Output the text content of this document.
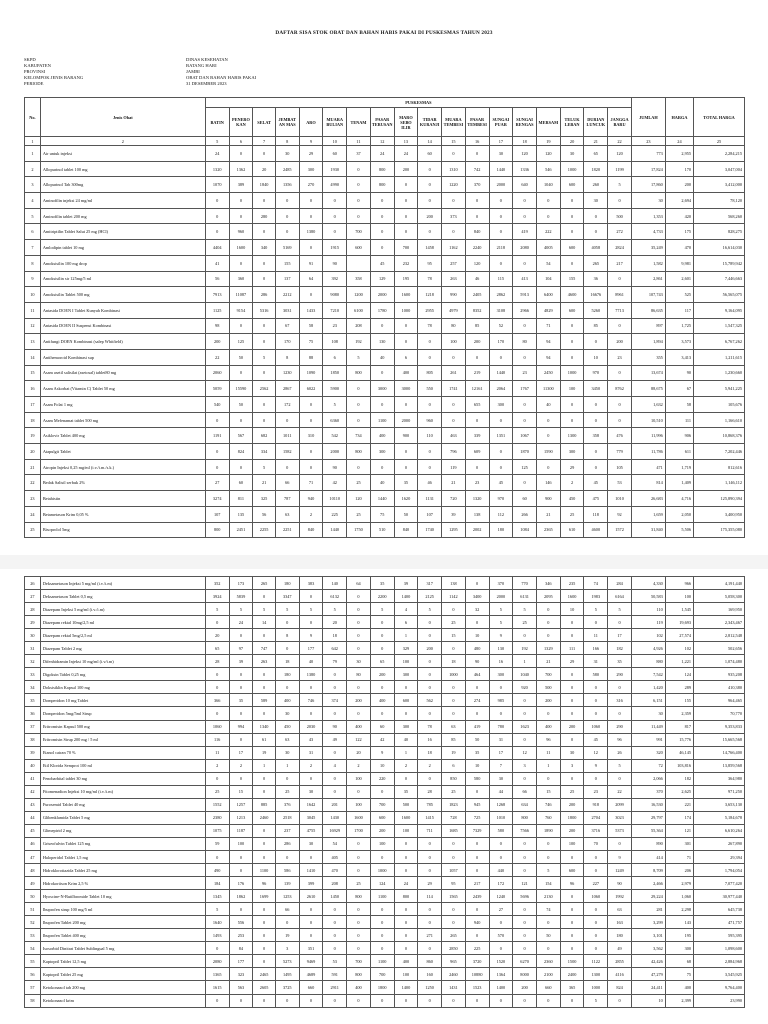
DAFTAR SISA STOK OBAT DAN BAHAN HABIS PAKAI DI PUSKESMAS TAHUN 2023
SKPD
KABUPATEN
PROVINSI
KELOMPOK JENIS BARANG
PERIODE
DINAS KESEHATAN
BATANG HARI
JAMBI
OBAT DAN BAHAN HABIS PAKAI
31 DESEMBER 2023
No.	Jenis Obat	PUSKESMAS																		JUMLAH	HARGA	TOTAL HARGA
		BATIN	PENERO KAN	SELAT	JEMBAT AN MAS	ARO	MUARA BULIAN	TENAM	PASAR TERUSAN	MARO SEBO ILIR	TIDAR KURANJI	MUARA TEMBESI	PASAR TEMBESI	SUNGAI PUAR	SUNGAI RENGAS	MERSAM	TELUK LEBAN	DURIAN LUNCUK	JANGGA BARU			
1	2	5	6	7	8	9	10	11	12	13	14	15	16	17	18	19	20	21	22	23	24	25
1	Air untuk injeksi	24	0	0	30	29	60	37	24	24	60	0	0	30	120	120	30	65	120	773	2,955	2,284,215
2	Allopurinol tablet 100 mg	1320	1362	20	2485	300	1930	0	800	200	0	1310	742	1440	1336	546	1000	1820	1199	17,824	170	3,047,004
3	Allopurinol Tab 300mg	1070	389	1840	1356	270	4990	0	800	0	0	1220	370	2000	640	1040	600	260	5	17,860	200	3,412,000
4	Aminofilin injeksi 24 mg/ml	0	0	0	0	0	0	0	0	0	0	0	0	0	0	0	0	30	0	30	2,694	78,120
5	Aminofilin tablet 200 mg	0	0	280	0	0	0	0	0	0	200	373	0	0	0	0	0	0	500	1,353	420	568,260
6	Amitriptilin Tablet Salut 25 mg (HCl)	0	960	0	0	1380	0	700	0	0	0	0	840	0	419	222	0	0	272	4,733	175	828,275
7	Amlodipin tablet 10 mg	4404	1600	340	5169	0	1915	600	0	700	1458	1162	2240	2118	2080	4005	600	4058	2824	35,249	470	16,614,030
8	Amoksisilin 100 mg drop	41	0	0	155	91	90		45	232	95	257	120	0	0	54	0	265	217	1,582	9,981	15,789,942
9	Amoksisilin sir 125mg/5 ml	56	360	0	137	64	392	358	129	195	78	263	46	115	413	104	155	36	0	2,861	2,601	7,446,663
10	Amoksisilin Tablet 500 mg	7913	11087	286	2212	0	9080	1200	2000	1600	1218	990	2405	2862	5913	6400	4600	16676	8961	107,743	525	56,565,075
11	Antasida DOEN I Tablet Kunyah Kombinasi	1125	9154	5316	3031	1433	7210	6100	1780	1000	2955	4979	8352	3108	2966	4829	600	5260	7713	86,635	117	9,164,095
12	Antasida DOEN II Suspensi Kombinasi	98	0	0	67	58	23	208	0	0	78	80	85	52	0	71	0	85	0	897	1,725	1,547,325
13	Antifungi DOEN Kombinasi (salep Whitfield)	200	125	0	170	75	108	192	130	0	0	100	200	170	80	94	0	0	200	1,894	3,573	6,767,262
14	Antihemoroid Kombinasi sup	22	50	5	8	88	6	5	40	6	0	0	0	0	0	94	0	10	23	355	3,413	1,211,615
15	Asam asetil salisilat (asetosal) tablet80 mg	2060	0	0	1230	1090	1850	800	0	400	805	261	219	1440	23	2450	1000	970	0	13,674	90	1,230,660
16	Asam Askorbat (Vitamin C) Tablet 50 mg	5059	15590	2562	2867	6022	5900	0	3000	3000	550	1741	12161	2064	1767	11300	100	3450	8762	88,675	67	5,941,225
17	Asam Folat 1 mg	540	50	0	172	0	5	0	0	0	0	0	655	300	0	40	0	0	0	1,632	58	105,676
18	Asam Mefenamat tablet 500 mg	0	0	0	0	0	6360	0	1100	2000	960	0	0	0	0	0	0	0	0	10,510	111	1,166,610
19	Asiklovir Tablet 400 mg	1191	567	682	1011	310	542	734	400	900	110	463	339	1351	1067	0	1300	358	476	11,996	906	10,868,376
20	Atapulgit Tablet	0	824	334	1582	0	2000	800	300	0	0	796	609	0	1870	1590	300	0	779	11,786	611	7,202,446
21	Atropin Injeksi 0,25 mg/ml (i.v./i.m./s.k.)	0	0	5	0	0	90	0	0	0	0	119	0	0	125	0	29	0	105	471	1,719	812,616
22	Bedak Salisil serbuk 2%	27	60	21	66	71	42	25	40	35	46	21	23	45	0	146	2	45	53	814	1,409	1,146,112
23	Betahistin	3274	811	325	787	940	10110	120	1440	1620	1131	720	1320	970	60	900	450	475	1010	26,683	4,716	125,890,394
24	Betametason Krim 0,05 %	107	135	56	63	2	225	25	75	50	107	39	138	112	266	21	25	118	92	1,659	2,050	3,400,950
25	Bisoprolol 5mg	800	2451	2255	2251	840	1440	1750	510	840	1740	1295	2002	180	1084	2365	610	4600	1572	31,840	5,506	175,355,080
26	Deksametason Injeksi 5 mg/ml (i.v./i.m)	352	173	265	180	383	140	64	35	39	317	138	0	370	770	346	235	74	284	4,330	966	4,191,440
27	Deksametason Tablet 0,5 mg	3924	5839	0	3347	0	6132	0	2200	1400	2125	1142	3400	2000	6131	2095	1600	1983	6164	50,583	100	5,058,300
28	Diazepam Injeksi 5 mg/ml (i.v./i.m)	5	5	5	5	5	5	0	5	4	5	0	32	5	5	0	10	5	5	110	1,545	169,950
29	Diazepam rektal 10mg/2,5 ml	0	24	14	0	0	20	0	0	6	0	25	0	5	25	0	0	0	0	119	19,693	2,343,467
30	Diazepam rektal 5mg/2,5 ml	20	0	0	8	9	18	0	0	1	0	15	10	9	0	0	0	11	17	102	27,574	2,812,548
31	Diazepam Tablet 2 mg	65	97	747	0	177	642	0	0	329	200	0	480	130	192	1329	111	166	182	4,926	102	502,656
32	Difenhidramin Injeksi 10 mg/ml (i.v/i.m)	28	39	263	18	40	79	30	65	100	0	18	90	16	1	21	29	31	35	880	1,221	1,074,480
33	Digoksin Tablet 0,25 mg	0	0	0	180	1380	0	80	200	300	0	1000	464	300	1040	700	0	580	290	7,542	124	935,208
34	Doksisiklin Kapsul 100 mg	0	0	0	0	0	0	0	0	0	0	0	0	0	920	500	0	0	0	1,420	289	410,380
35	Domperidon 10 mg Tablet	366	35	589	400	746	374	200	400	600	562	0	274	985	0	200	0	0	316	6,151	155	964,465
36	Domperidon 5mg/5ml Sirup	0	0	0	30	0	0	0	0	0	0	0	0	0	0	0	0	0	0	30	2,359	70,770
37	Eritromisin Kapsul 500 mg	1060	994	1340	450	2030	90	400	60	300	78	63	419	780	1623	400	200	1060	290	11,449	817	9,353,833
38	Eritromisin Sirup 200 mg / 5 ml	116	0	61	63	43	49	122	42	40	16	85	50	31	0	96	0	45	96	991	15,776	15,665,568
39	Etanol cairan 70 %	11	17	19	30	31	0	20	9	1	18	19	35	17	12	11	30	12	26	320	46,145	14,766,400
40	Etil Klorida Semprot 100 ml	2	2	1	1	2	4	2	10	2	2	6	10	7	3	1	3	9	5	72	103,816	13,859,568
41	Fenobarbital tablet 30 mg	0	0	0	0	0	0	100	220	0	0	850	580	30	0	0	0	0	0	2,066	182	364,980
42	Fitomenadion Injeksi 10 mg/ml (i.v./i.m)	25	15	0	25	30	0	0	0	35	28	25	0	44	66	15	25	23	22	370	2,625	971,250
43	Furosemid Tablet 40 mg	1552	1257	885	376	1642	201	100	700	500	785	1823	945	1268	634	746	200	918	2099	16,530	221	3,653,130
44	Glibenklamida Tablet 5 mg	2380	1213	2460	2518	3045	1430	1600	600	1600	1415	728	725	1010	800	760	1800	2704	3023	29,797	174	5,184,678
45	Glimepirid 2 mg	1075	1187	0	237	4755	16929	1700	200	100	711	1685	7329	580	7566	1890	200	3716	5373	55,364	121	6,610,264
46	Griseofulvin Tablet 125 mg	59	100	0	286	30	54	0	100	0	0	0	0	0	0	0	100	70	0	890	301	267,890
47	Haloperidol Tablet 1,5 mg	0	0	0	0	0	405	0	0	0	0	0	0	0	0	0	0	0	9	414	71	29,394
48	Hidroklorotiazida Tablet 25 mg	490	0	1100	586	1410	470	0	1000	0	0	1057	0	440	0	5	600	0	1249	8,709	206	1,794,054
49	Hidrokortison Krim 2,5 %	184	176	96	139	399	208	25	124	24	29	95	217	172	121	154	96	227	90	2,466	2,979	7,077,420
50	Hyoscine-N-Butilbromide Tablet 10 mg	1345	1862	1699	1253	2610	1450	800	1100	800	114	1565	2439	1240	5696	2130	0	1060	1992	29,224	1,060	30,977,440
51	Ibuprofen sirup 100 mg/5 ml	5	0	0	66	0	0	0	0	0	0	0	0	27	0	74	0	0	63	281	2,298	645,738
52	Ibuprofen Tablet 200 mg	1640	556	0	0	0	0	0	0	0	0	0	940	0	0	0	0	0	163	3,299	143	471,757
53	Ibuprofen Tablet 400 mg	1493	253	0	19	0	0	0	0	0	271	265	0	570	0	50	0	0	180	3,101	195	595,395
54	Isosorbid Dinitrat Tablet Sublingual 5 mg	0	84	0	3	351	0	0	0	0	0	2850	225	0	0	0	0	0	49	3,562	300	1,098,600
55	Kaptopril Tablet 12,5 mg	2080	177	0	5273	9469	53	700	1100	400	860	965	3720	1520	6270	2360	1500	1122	2855	42,426	68	2,884,968
56	Kaptopril Tablet 25 mg	1365	323	2465	1495	4689	591	800	700	100	160	2460	10880	1364	8000	2100	2400	1300	4116	47,279	75	3,545,925
57	Ketokonazol tab 200 mg	1615	563	2605	3725	660	2911	400	1800	1400	1250	1431	1523	1400	200	660	365	1000	824	24,411	400	9,764,400
58	Ketokonazol krim	0	0	0	0	0	0	0	0	0	0	0	0	0	0	0	0	5	0	10	2,399	23,990
